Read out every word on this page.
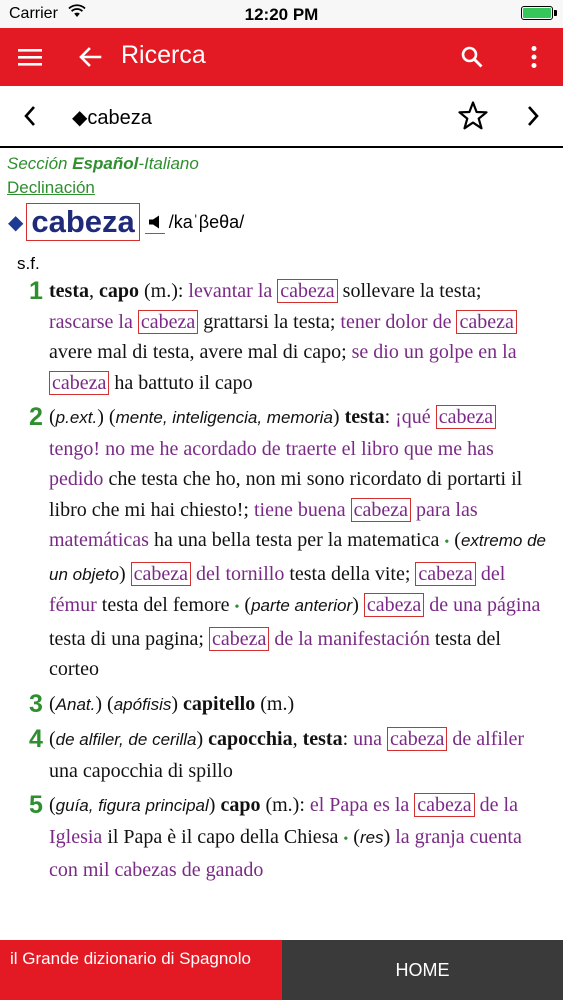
Carrier	12:20 PM
Ricerca
◆cabeza
Sección Español-Italiano
Declinación
◆ cabeza /kaˈβeθa/
s.f.
1 testa, capo (m.): levantar la cabeza sollevare la testa; rascarse la cabeza grattarsi la testa; tener dolor de cabeza avere mal di testa, avere mal di capo; se dio un golpe en la cabeza ha battuto il capo
2 (p.ext.) (mente, inteligencia, memoria) testa: ¡qué cabeza tengo! no me he acordado de traerte el libro que me has pedido che testa che ho, non mi sono ricordato di portarti il libro che mi hai chiesto!; tiene buena cabeza para las matemáticas ha una bella testa per la matematica • (extremo de un objeto) cabeza del tornillo testa della vite; cabeza del fémur testa del femore • (parte anterior) cabeza de una página testa di una pagina; cabeza de la manifestación testa del corteo
3 (Anat.) (apófisis) capitello (m.)
4 (de alfiler, de cerilla) capocchia, testa: una cabeza de alfiler una capocchia di spillo
5 (guía, figura principal) capo (m.): el Papa es la cabeza de la Iglesia il Papa è il capo della Chiesa • (res) la granja cuenta con mil cabezas de ganado
il Grande dizionario di Spagnolo
HOME
